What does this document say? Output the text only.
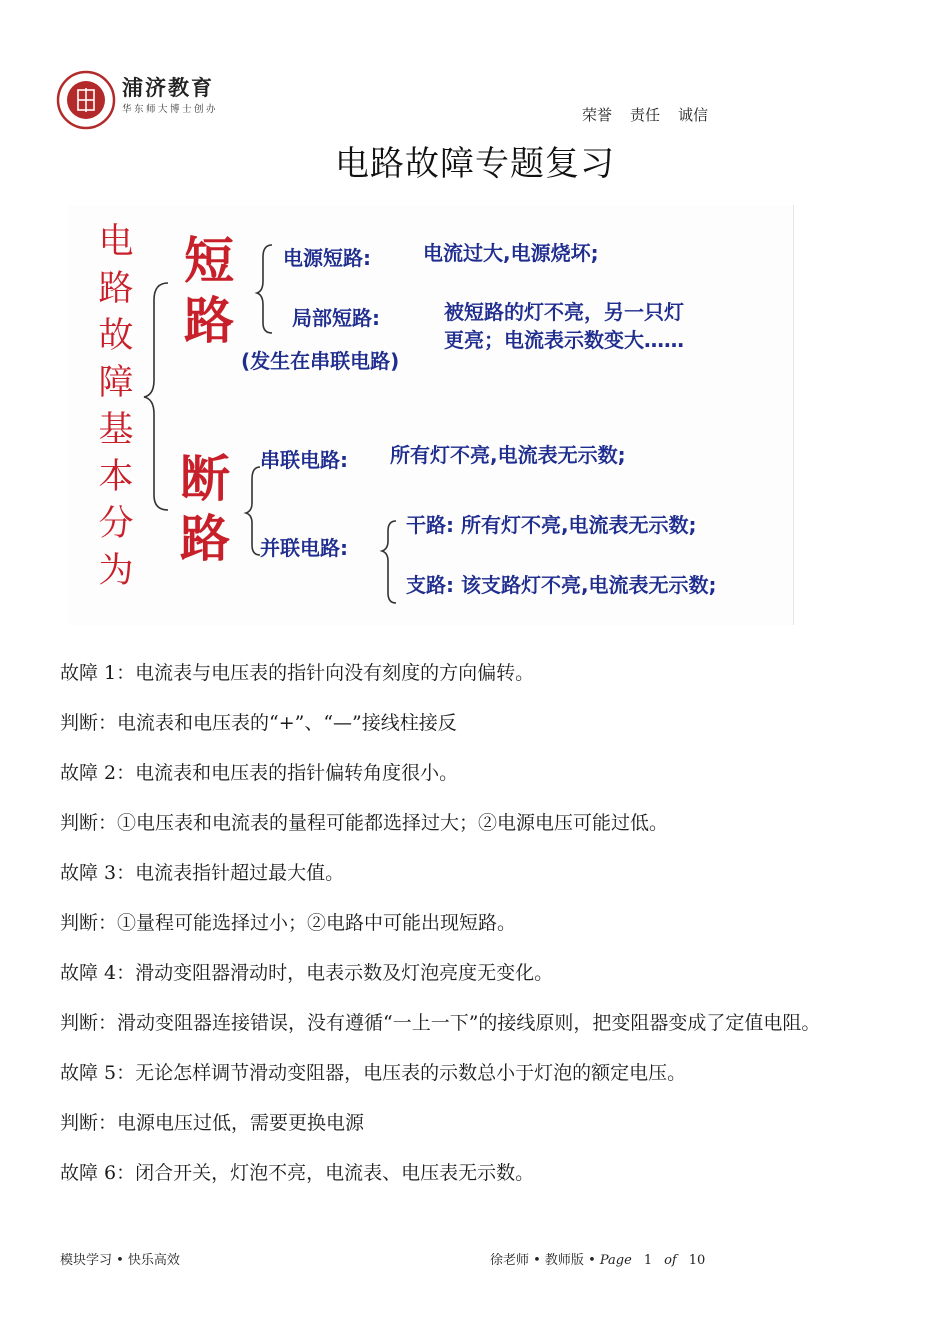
浦济教育
华东师大博士创办	荣誉 责任 诚信
电路故障专题复习
电
路
故
障
基
本
分
为
短
路
断
路
(发生在串联电路)
电源短路:	电流过大,电源烧坏;
局部短路:	被短路的灯不亮，另一只灯
更亮；电流表示数变大……
串联电路: 所有灯不亮,电流表无示数;
并联电路:
干路: 所有灯不亮,电流表无示数;
支路: 该支路灯不亮,电流表无示数;

故障 1：电流表与电压表的指针向没有刻度的方向偏转。

判断：电流表和电压表的“+”、“—”接线柱接反

故障 2：电流表和电压表的指针偏转角度很小。

判断：①电压表和电流表的量程可能都选择过大；②电源电压可能过低。

故障 3：电流表指针超过最大值。

判断：①量程可能选择过小；②电路中可能出现短路。

故障 4：滑动变阻器滑动时，电表示数及灯泡亮度无变化。

判断：滑动变阻器连接错误，没有遵循“一上一下”的接线原则，把变阻器变成了定值电阻。

故障 5：无论怎样调节滑动变阻器，电压表的示数总小于灯泡的额定电压。

判断：电源电压过低，需要更换电源

故障 6：闭合开关，灯泡不亮，电流表、电压表无示数。

模块学习 • 快乐高效	徐老师 • 教师版 • Page 1 of 10
